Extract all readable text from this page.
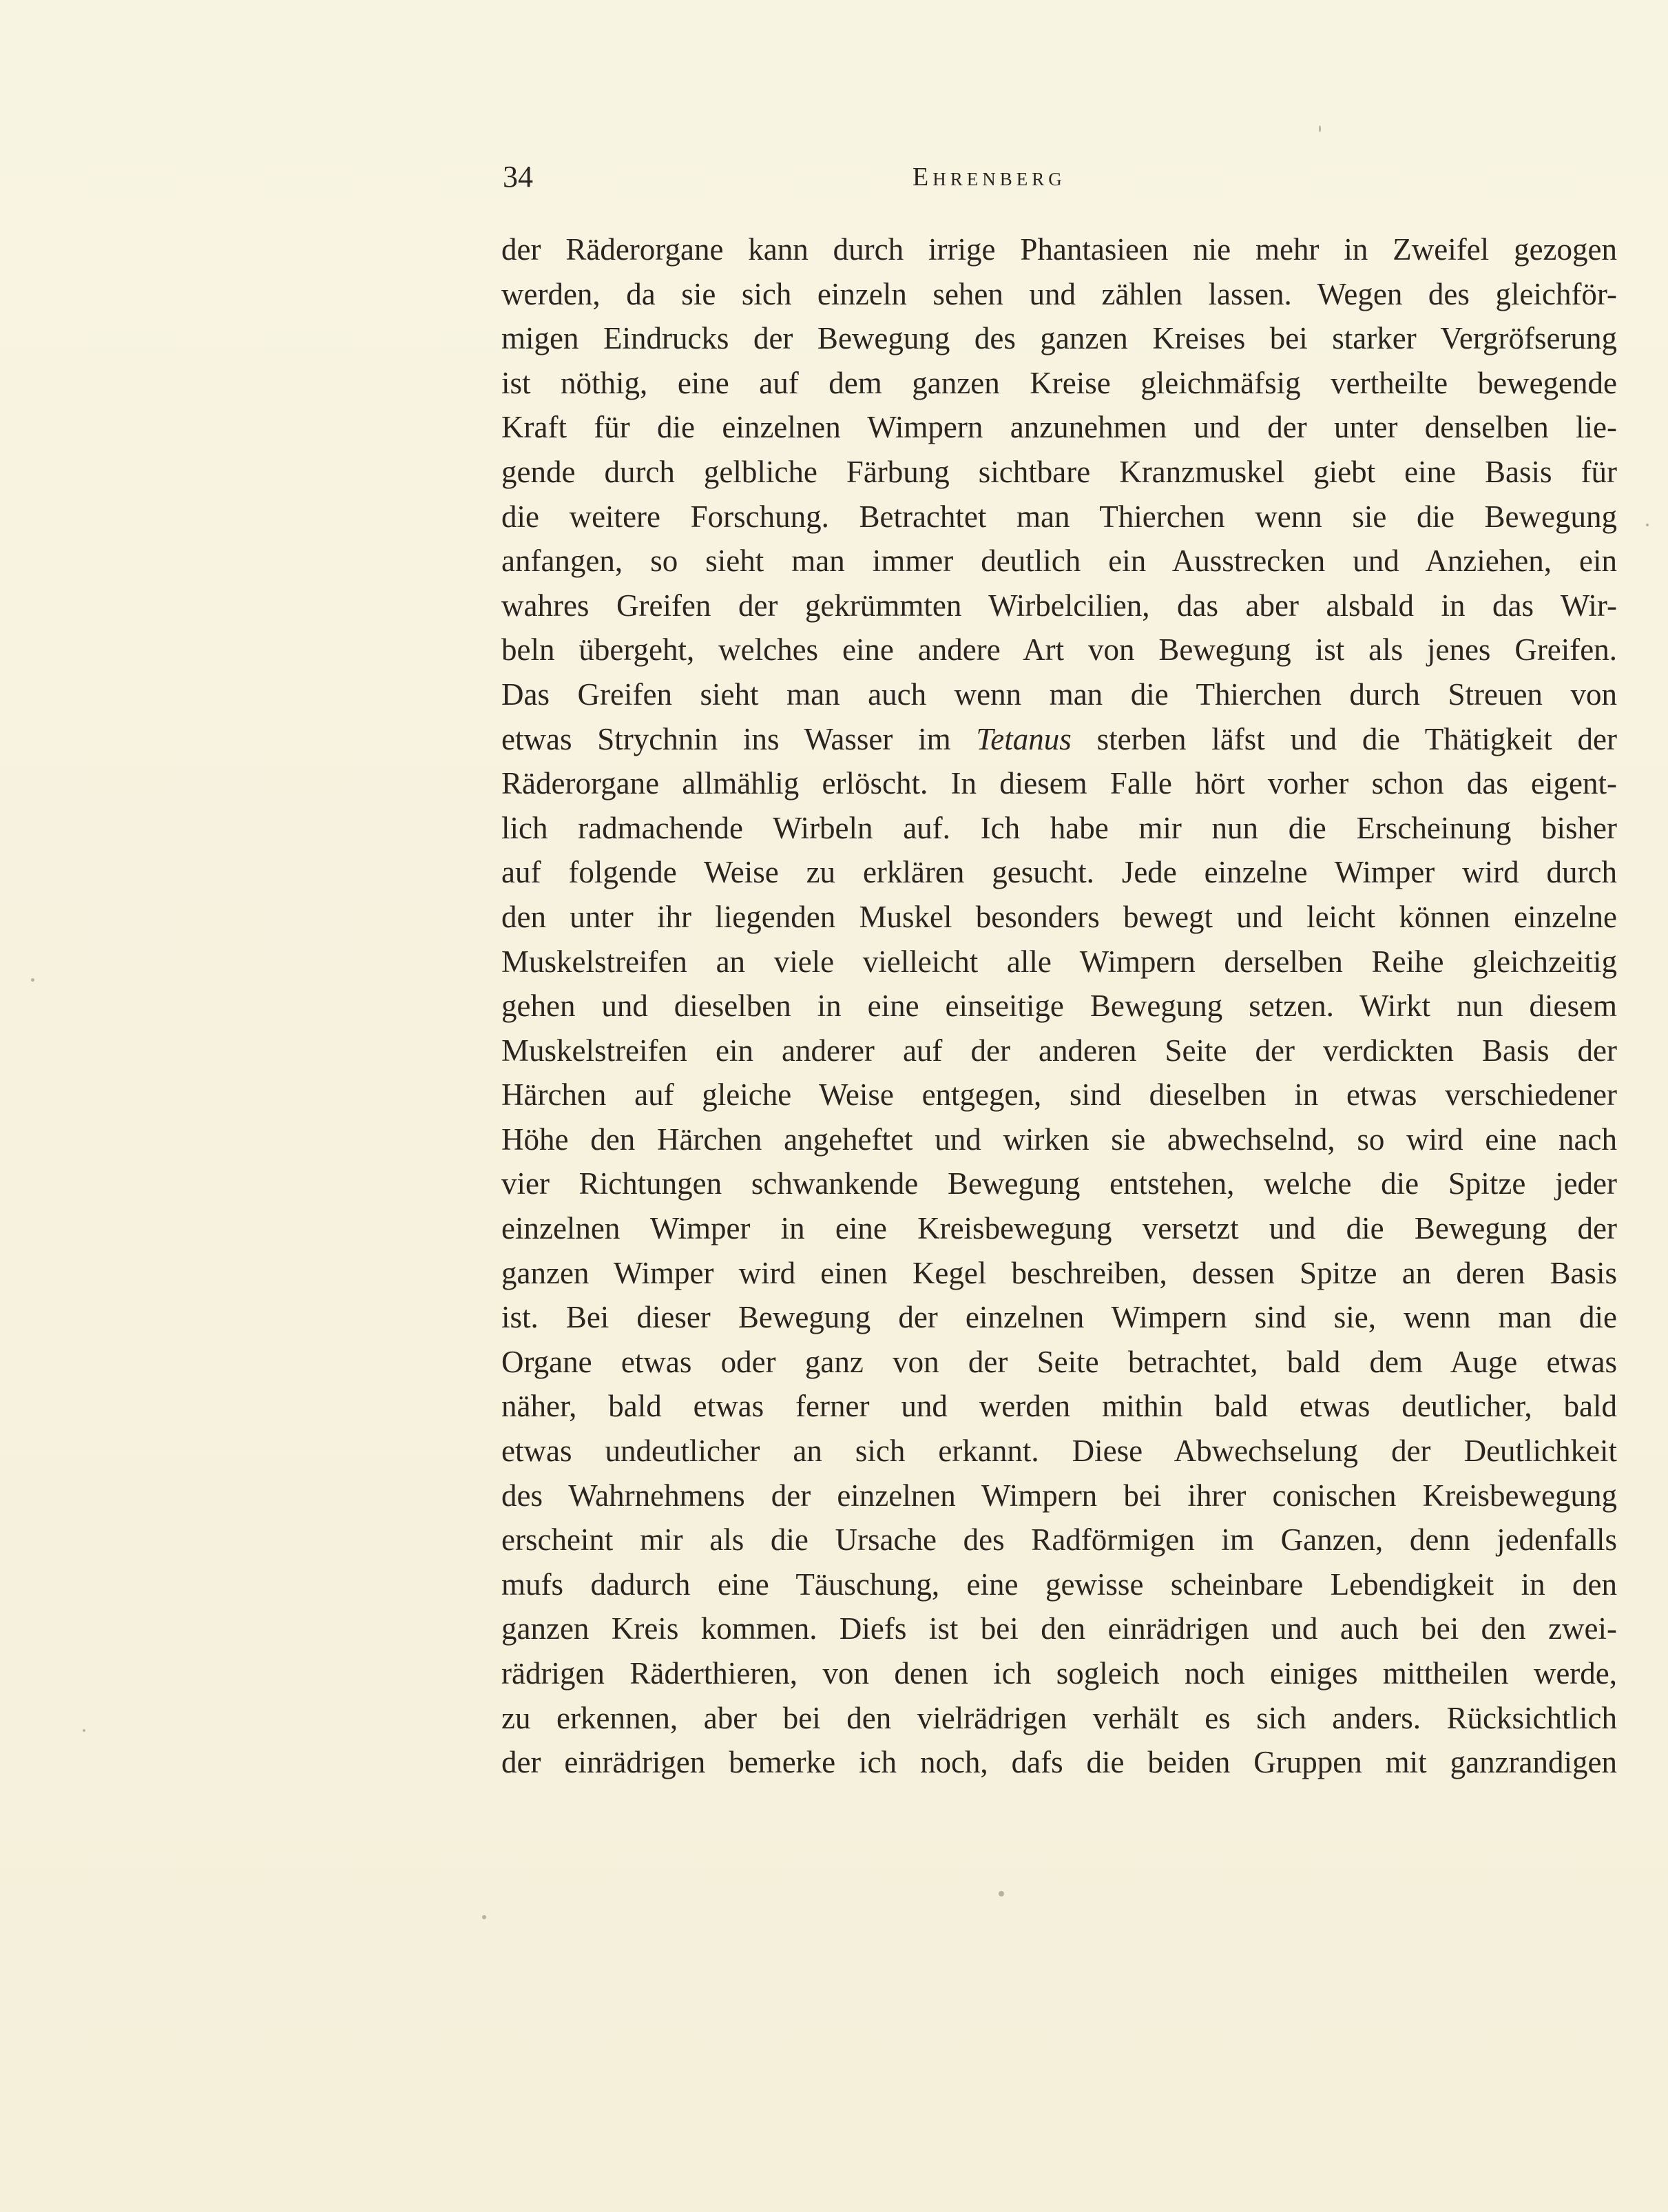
34	Ehrenberg
der Räderorgane kann durch irrige Phantasieen nie mehr in Zweifel gezogen
werden, da sie sich einzeln sehen und zählen lassen. Wegen des gleichför-
migen Eindrucks der Bewegung des ganzen Kreises bei starker Vergröfserung
ist nöthig, eine auf dem ganzen Kreise gleichmäfsig vertheilte bewegende
Kraft für die einzelnen Wimpern anzunehmen und der unter denselben lie-
gende durch gelbliche Färbung sichtbare Kranzmuskel giebt eine Basis für
die weitere Forschung. Betrachtet man Thierchen wenn sie die Bewegung
anfangen, so sieht man immer deutlich ein Ausstrecken und Anziehen, ein
wahres Greifen der gekrümmten Wirbelcilien, das aber alsbald in das Wir-
beln übergeht, welches eine andere Art von Bewegung ist als jenes Greifen.
Das Greifen sieht man auch wenn man die Thierchen durch Streuen von
etwas Strychnin ins Wasser im Tetanus sterben läfst und die Thätigkeit der
Räderorgane allmählig erlöscht. In diesem Falle hört vorher schon das eigent-
lich radmachende Wirbeln auf. Ich habe mir nun die Erscheinung bisher
auf folgende Weise zu erklären gesucht. Jede einzelne Wimper wird durch
den unter ihr liegenden Muskel besonders bewegt und leicht können einzelne
Muskelstreifen an viele vielleicht alle Wimpern derselben Reihe gleichzeitig
gehen und dieselben in eine einseitige Bewegung setzen. Wirkt nun diesem
Muskelstreifen ein anderer auf der anderen Seite der verdickten Basis der
Härchen auf gleiche Weise entgegen, sind dieselben in etwas verschiedener
Höhe den Härchen angeheftet und wirken sie abwechselnd, so wird eine nach
vier Richtungen schwankende Bewegung entstehen, welche die Spitze jeder
einzelnen Wimper in eine Kreisbewegung versetzt und die Bewegung der
ganzen Wimper wird einen Kegel beschreiben, dessen Spitze an deren Basis
ist. Bei dieser Bewegung der einzelnen Wimpern sind sie, wenn man die
Organe etwas oder ganz von der Seite betrachtet, bald dem Auge etwas
näher, bald etwas ferner und werden mithin bald etwas deutlicher, bald
etwas undeutlicher an sich erkannt. Diese Abwechselung der Deutlichkeit
des Wahrnehmens der einzelnen Wimpern bei ihrer conischen Kreisbewegung
erscheint mir als die Ursache des Radförmigen im Ganzen, denn jedenfalls
mufs dadurch eine Täuschung, eine gewisse scheinbare Lebendigkeit in den
ganzen Kreis kommen. Diefs ist bei den einrädrigen und auch bei den zwei-
rädrigen Räderthieren, von denen ich sogleich noch einiges mittheilen werde,
zu erkennen, aber bei den vielrädrigen verhält es sich anders. Rücksichtlich
der einrädrigen bemerke ich noch, dafs die beiden Gruppen mit ganzrandigen
